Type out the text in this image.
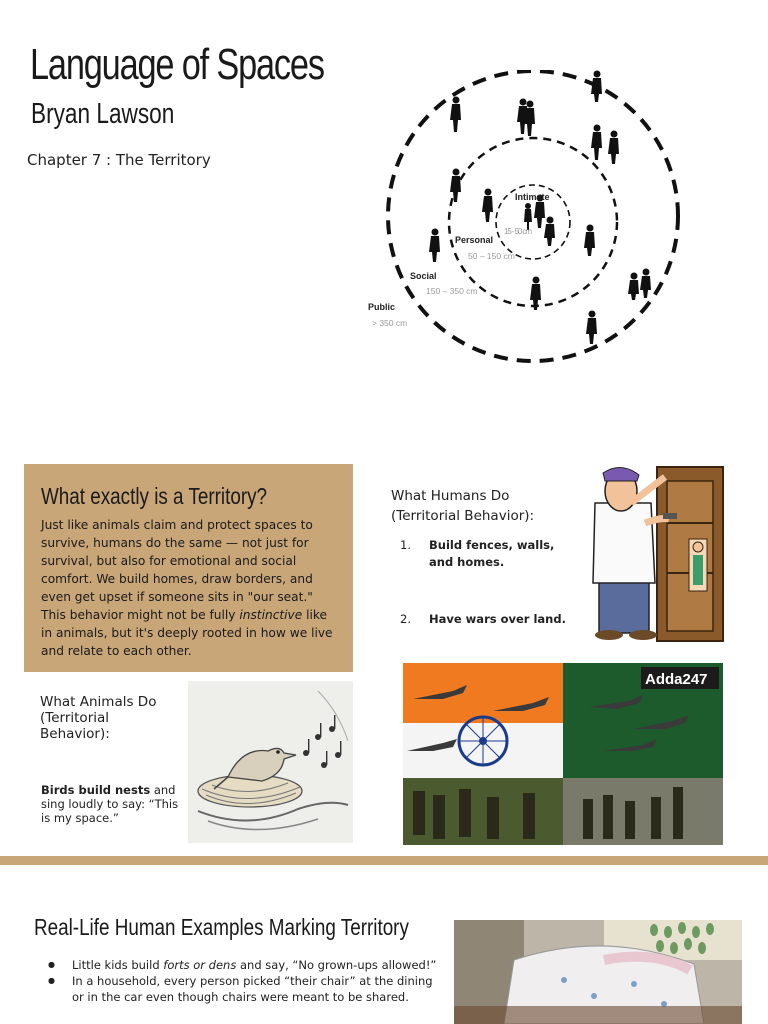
Language of Spaces
Bryan Lawson
Chapter 7 : The Territory
Intimate
15 - 50 cm
Personal
50 – 150 cm
Social
150 – 350 cm
Public
> 350 cm
What exactly is a Territory?
Just like animals claim and protect spaces to survive, humans do the same — not just for survival, but also for emotional and social comfort. We build homes, draw borders, and even get upset if someone sits in "our seat." This behavior might not be fully instinctive like in animals, but it's deeply rooted in how we live and relate to each other.
What Humans Do (Territorial Behavior):
1. Build fences, walls, and homes.
2. Have wars over land.
What Animals Do (Territorial Behavior):
Birds build nests and sing loudly to say: “This is my space.”
Adda247
Real-Life Human Examples Marking Territory

● Little kids build forts or dens and say, “No grown-ups allowed!”

● In a household, every person picked “their chair” at the dining or in the car even though chairs were meant to be shared.
